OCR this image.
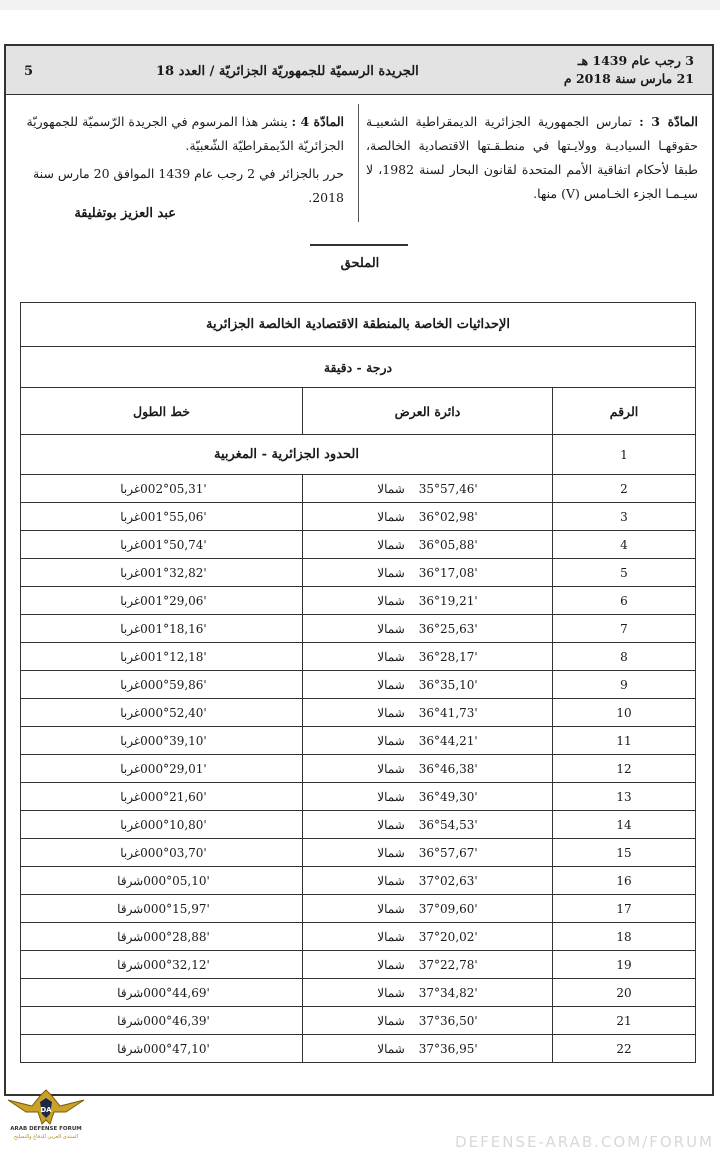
5	الجريدة الرسميّة للجمهوريّة الجزائريّة / العدد 18
3 رجب عام 1439 هـ
21 مارس سنة 2018 م
المادّة 3 : تمارس الجمهورية الجزائرية الديمقراطية الشعبيـة حقوقهـا السياديـة وولايـتها في منطـقـتها الاقتصادية الخالصة، طبقا لأحكام اتفاقية الأمم المتحدة لقانون البحار لسنة 1982، لا سيـمـا الجزء الخـامس (V) منها.
المادّة 4 : ينشر هذا المرسوم في الجريدة الرّسميّة للجمهوريّة الجزائريّة الدّيمقراطيّة الشّعبيّة.
حرر بالجزائر في 2 رجب عام 1439 الموافق 20 مارس سنة 2018.
عبد العزيز بوتفليقة
الملحق
الإحداثيات الخاصة بالمنطقة الاقتصادية الخالصة الجزائرية		
درجة - دقيقة		
الرقم	دائرة العرض	خط الطول
1	الحدود الجزائرية - المغربية	
2	35°57,46'شمالا	002°05,31'غربا
3	36°02,98'شمالا	001°55,06'غربا
4	36°05,88'شمالا	001°50,74'غربا
5	36°17,08'شمالا	001°32,82'غربا
6	36°19,21'شمالا	001°29,06'غربا
7	36°25,63'شمالا	001°18,16'غربا
8	36°28,17'شمالا	001°12,18'غربا
9	36°35,10'شمالا	000°59,86'غربا
10	36°41,73'شمالا	000°52,40'غربا
11	36°44,21'شمالا	000°39,10'غربا
12	36°46,38'شمالا	000°29,01'غربا
13	36°49,30'شمالا	000°21,60'غربا
14	36°54,53'شمالا	000°10,80'غربا
15	36°57,67'شمالا	000°03,70'غربا
16	37°02,63'شمالا	000°05,10'شرقا
17	37°09,60'شمالا	000°15,97'شرقا
18	37°20,02'شمالا	000°28,88'شرقا
19	37°22,78'شمالا	000°32,12'شرقا
20	37°34,82'شمالا	000°44,69'شرقا
21	37°36,50'شمالا	000°46,39'شرقا
22	37°36,95'شمالا	000°47,10'شرقا
DA
ARAB DEFENSE FORUM
المنتدى العربي للدفاع والتسليح	DEFENSE-ARAB.COM/FORUM
